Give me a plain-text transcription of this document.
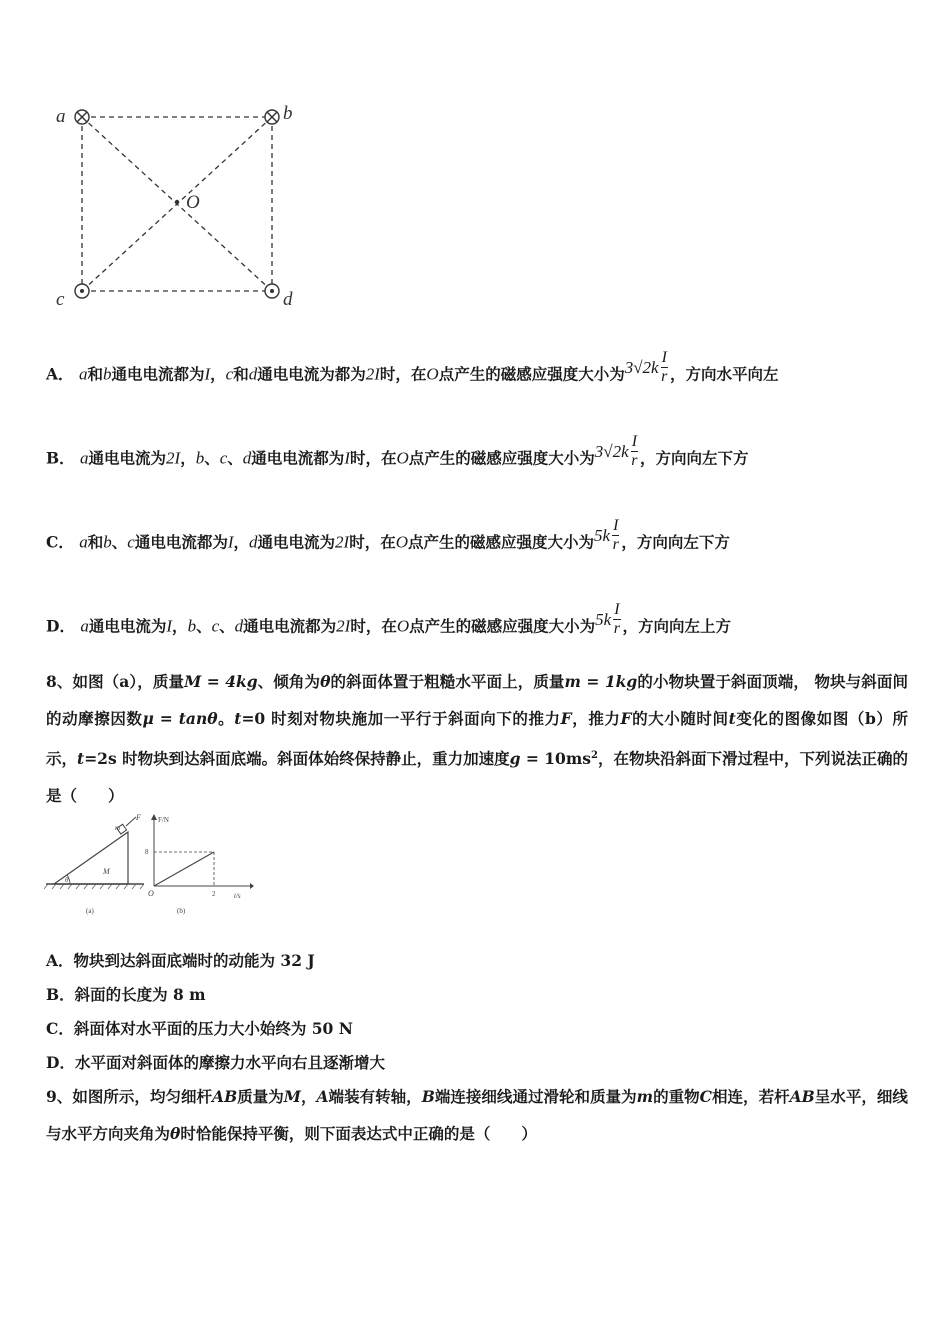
a	b
c	d
O
A． a和b通电电流都为I，c和d通电电流为都为2I时，在O点产生的磁感应强度大小为$3√2k \frac{I}{r}$ ，方向水平向左
B． a通电电流为2I，b、c、d通电电流都为I时，在O点产生的磁感应强度大小为$3√2k \frac{I}{r}$ ，方向向左下方
C． a和b、c通电电流都为I，d通电电流为2I时，在O点产生的磁感应强度大小为$5k \frac{I}{r}$ ，方向向左下方
D． a通电电流为I，b、c、d通电电流都为2I时，在O点产生的磁感应强度大小为$5k \frac{I}{r}$ ，方向向左上方
8、如图（a），质量M = 4kg、倾角为θ的斜面体置于粗糙水平面上，质量m = 1kg的小物块置于斜面顶端， 物块与斜面间的动摩擦因数μ = tanθ。t=0 时刻对物块施加一平行于斜面向下的推力F，推力F的大小随时间t变化的图像如图（b）所示，t=2s 时物块到达斜面底端。斜面体始终保持静止，重力加速度$g = 10ms^2$，在物块沿斜面下滑过程中，下列说法正确的是（　　）
F
m
M
θ
(a)
F/N
8
O	2	t/s
(b)
A．物块到达斜面底端时的动能为 32 J
B．斜面的长度为 8 m
C．斜面体对水平面的压力大小始终为 50 N
D．水平面对斜面体的摩擦力水平向右且逐渐增大
9、如图所示，均匀细杆AB质量为M，A端装有转轴，B端连接细线通过滑轮和质量为m的重物C相连，若杆AB呈水平，细线与水平方向夹角为θ时恰能保持平衡，则下面表达式中正确的是（　　）
